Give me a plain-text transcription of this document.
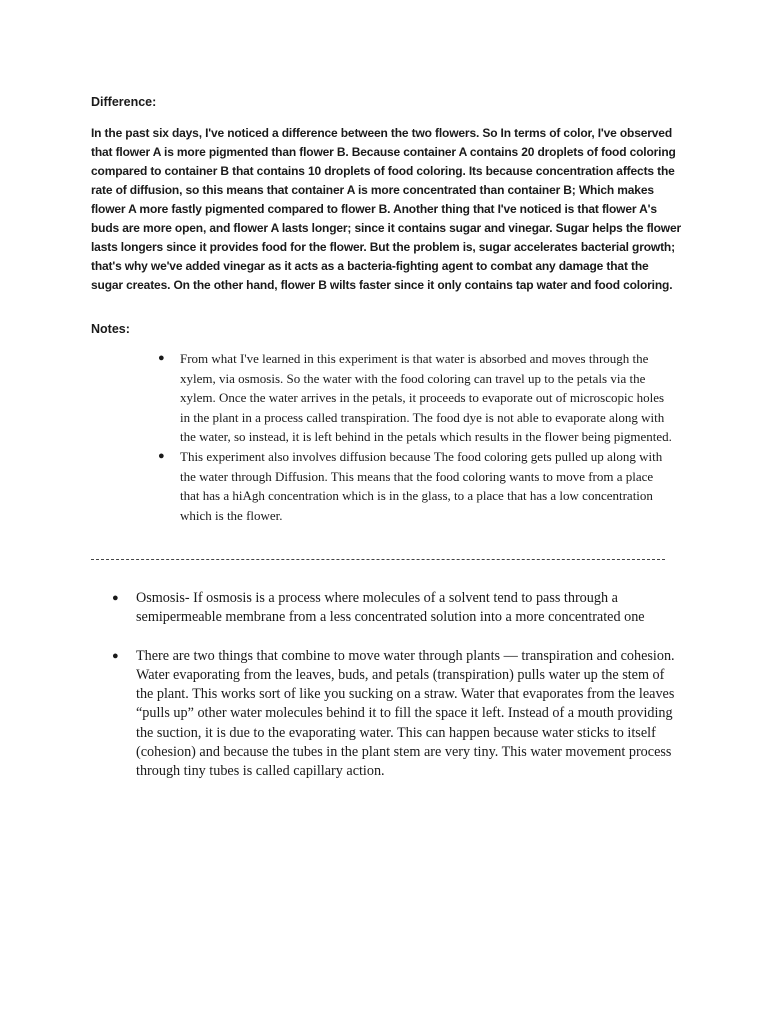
Difference:

In the past six days, I've noticed a difference between the two flowers. So In terms of color, I've observed that flower A is more pigmented than flower B. Because container A contains 20 droplets of food coloring compared to container B that contains 10 droplets of food coloring. Its because concentration affects the rate of diffusion, so this means that container A is more concentrated than container B; Which makes flower A more fastly pigmented compared to flower B. Another thing that I've noticed is that flower A's buds are more open, and flower A lasts longer; since it contains sugar and vinegar. Sugar helps the flower lasts longers since it provides food for the flower. But the problem is, sugar accelerates bacterial growth; that's why we've added vinegar as it acts as a bacteria-fighting agent to combat any damage that the sugar creates. On the other hand, flower B wilts faster since it only contains tap water and food coloring.

Notes:
● From what I've learned in this experiment is that water is absorbed and moves through the xylem, via osmosis. So the water with the food coloring can travel up to the petals via the xylem. Once the water arrives in the petals, it proceeds to evaporate out of microscopic holes in the plant in a process called transpiration. The food dye is not able to evaporate along with the water, so instead, it is left behind in the petals which results in the flower being pigmented.
● This experiment also involves diffusion because The food coloring gets pulled up along with the water through Diffusion. This means that the food coloring wants to move from a place that has a hiAgh concentration which is in the glass, to a place that has a low concentration which is the flower.
● Osmosis- If osmosis is a process where molecules of a solvent tend to pass through a semipermeable membrane from a less concentrated solution into a more concentrated one
● There are two things that combine to move water through plants — transpiration and cohesion. Water evaporating from the leaves, buds, and petals (transpiration) pulls water up the stem of the plant. This works sort of like you sucking on a straw. Water that evaporates from the leaves “pulls up” other water molecules behind it to fill the space it left. Instead of a mouth providing the suction, it is due to the evaporating water. This can happen because water sticks to itself (cohesion) and because the tubes in the plant stem are very tiny. This water movement process through tiny tubes is called capillary action.
